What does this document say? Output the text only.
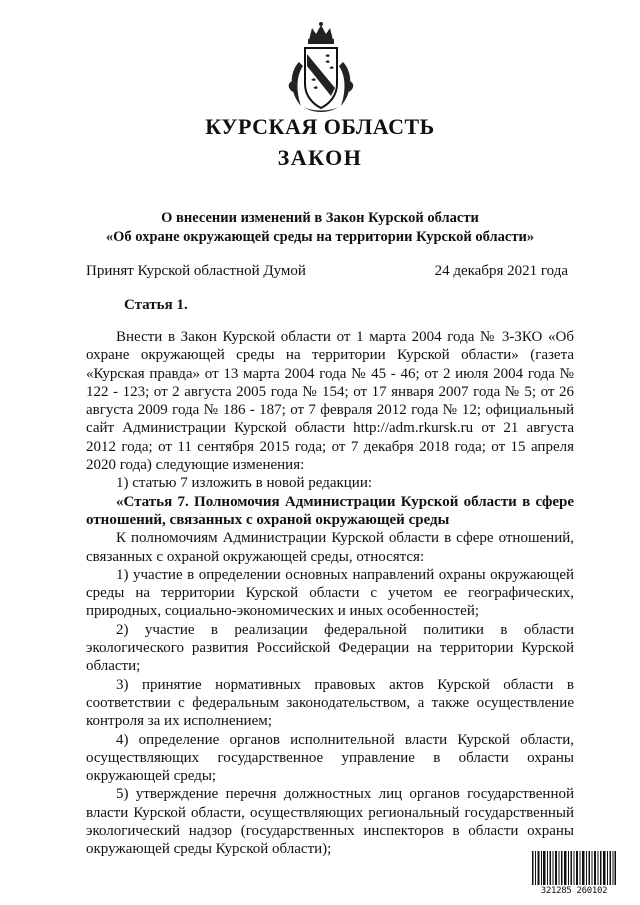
КУРСКАЯ ОБЛАСТЬ
ЗАКОН
О внесении изменений в Закон Курской области
«Об охране окружающей среды на территории Курской области»
Принят Курской областной Думой	24 декабря 2021 года
Статья 1.

Внести в Закон Курской области от 1 марта 2004 года № 3-ЗКО «Об охране окружающей среды на территории Курской области» (газета «Курская правда» от 13 марта 2004 года № 45 - 46; от 2 июля 2004 года № 122 - 123; от 2 августа 2005 года № 154; от 17 января 2007 года № 5; от 26 августа 2009 года № 186 - 187; от 7 февраля 2012 года № 12; официальный сайт Администрации Курской области http://adm.rkursk.ru от 21 августа 2012 года; от 11 сентября 2015 года; от 7 декабря 2018 года; от 15 апреля 2020 года) следующие изменения:

1) статью 7 изложить в новой редакции:

«Статья 7. Полномочия Администрации Курской области в сфере отношений, связанных с охраной окружающей среды

К полномочиям Администрации Курской области в сфере отношений, связанных с охраной окружающей среды, относятся:

1) участие в определении основных направлений охраны окружающей среды на территории Курской области с учетом ее географических, природных, социально-экономических и иных особенностей;

2) участие в реализации федеральной политики в области экологического развития Российской Федерации на территории Курской области;

3) принятие нормативных правовых актов Курской области в соответствии с федеральным законодательством, а также осуществление контроля за их исполнением;

4) определение органов исполнительной власти Курской области, осуществляющих государственное управление в области охраны окружающей среды;

5) утверждение перечня должностных лиц органов государственной власти Курской области, осуществляющих региональный государственный экологический надзор (государственных инспекторов в области охраны окружающей среды Курской области);

321285 260102
